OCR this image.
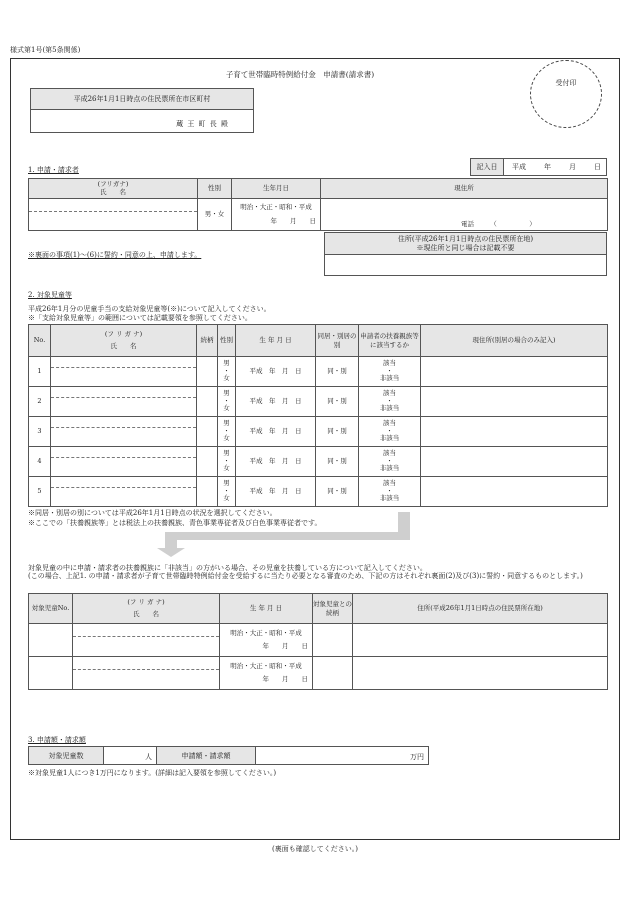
様式第1号(第5条関係)
子育て世帯臨時特例給付金　申請書(請求書)
受付印
平成26年1月1日時点の住民票所在市区町村
蔵 王 町 長 殿
1. 申請・請求者	記入日	平成	年	月	日
(フリガナ)
氏　　名	性別	生年月日	現住所

	男・女	明治・大正・昭和・平成
年　　月　　日	電話　　　（　　　　　）
住所(平成26年1月1日時点の住民票所在地)
※現住所と同じ場合は記載不要
※裏面の事項(1)～(6)に誓約・同意の上、申請します。
2. 対象児童等
平成26年1月分の児童手当の支給対象児童等(※)について記入してください。
※「支給対象児童等」の範囲については記載要領を参照してください。
No.	(フ リ ガ ナ)
氏　　名	続柄	性別	生 年 月 日	同居・別居の別	申請者の扶養親族等に該当するか	現住所(別居の場合のみ記入)
1			男
・
女	平成　年　月　日	同・別	該当
・
非該当	

2			男
・
女	平成　年　月　日	同・別	該当
・
非該当	

3			男
・
女	平成　年　月　日	同・別	該当
・
非該当	

4			男
・
女	平成　年　月　日	同・別	該当
・
非該当	

5			男
・
女	平成　年　月　日	同・別	該当
・
非該当	

※同居・別居の別については平成26年1月1日時点の状況を選択してください。
※ここでの「扶養親族等」とは税法上の扶養親族、青色事業専従者及び白色事業専従者です。
対象児童の中に申請・請求者の扶養親族に「非該当」の方がいる場合、その児童を扶養している方について記入してください。
(この場合、上記1. の申請・請求者が子育て世帯臨時特例給付金を受給するに当たり必要となる審査のため、下記の方はそれぞれ裏面(2)及び(3)に誓約・同意するものとします。)
対象児童No.	(フ リ ガ ナ)
氏　　名	生 年 月 日	対象児童との続柄	住所(平成26年1月1日時点の住民票所在地)

		明治・大正・昭和・平成
年　　月　　日		

		明治・大正・昭和・平成
年　　月　　日		

3. 申請額・請求額
対象児童数	人	申請額・請求額	万円
※対象児童1人につき1万円になります。(詳細は記入要領を参照してください。)
(裏面も確認してください。)
